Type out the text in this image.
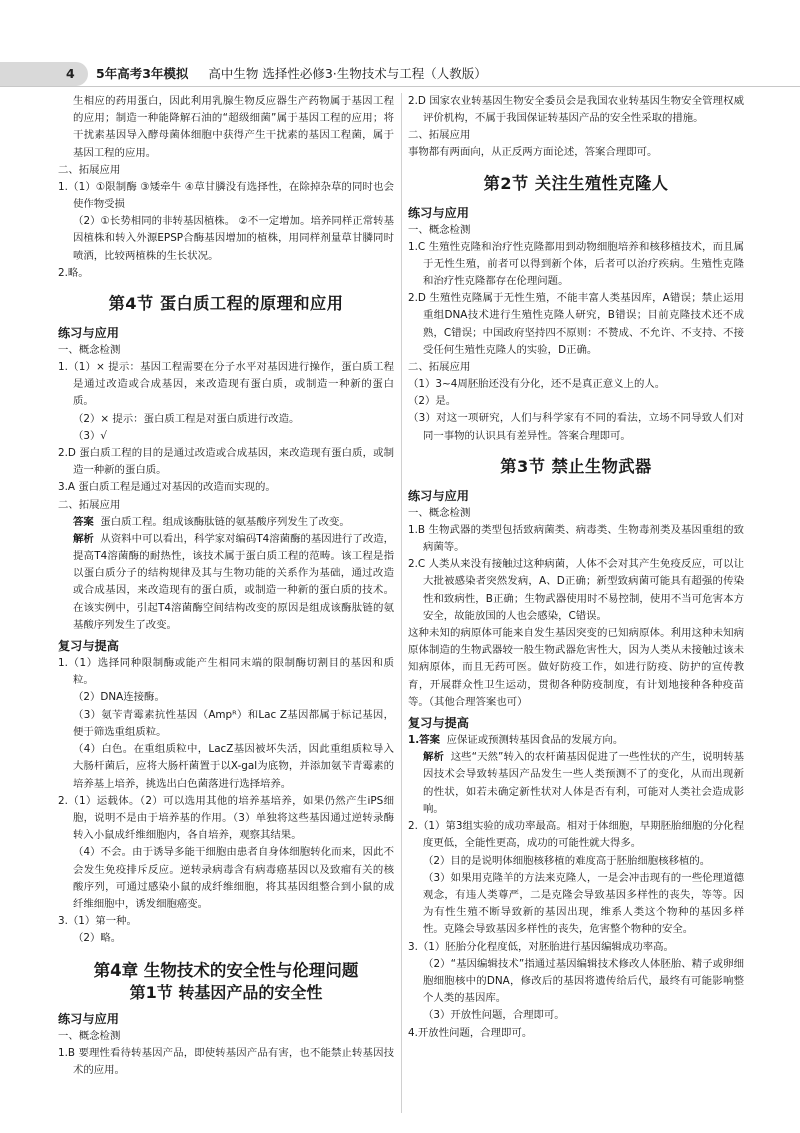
4 5年高考3年模拟 高中生物 选择性必修3·生物技术与工程（人教版）

生相应的药用蛋白，因此利用乳腺生物反应器生产药物属于基因工程的应用；制造一种能降解石油的“超级细菌”属于基因工程的应用；将干扰素基因导入酵母菌体细胞中获得产生干扰素的基因工程菌，属于基因工程的应用。

二、拓展应用

1.（1）①限制酶 ③矮牵牛 ④草甘膦没有选择性，在除掉杂草的同时也会使作物受损

（2）①长势相同的非转基因植株。 ②不一定增加。培养同样正常转基因植株和转入外源EPSP合酶基因增加的植株，用同样剂量草甘膦同时喷洒，比较两植株的生长状况。

2.略。

第4节 蛋白质工程的原理和应用
练习与应用

一、概念检测

1.（1）× 提示：基因工程需要在分子水平对基因进行操作，蛋白质工程是通过改造或合成基因，来改造现有蛋白质，或制造一种新的蛋白质。

（2）× 提示：蛋白质工程是对蛋白质进行改造。

（3）√

2.D 蛋白质工程的目的是通过改造或合成基因，来改造现有蛋白质，或制造一种新的蛋白质。

3.A 蛋白质工程是通过对基因的改造而实现的。

二、拓展应用

答案 蛋白质工程。组成该酶肽链的氨基酸序列发生了改变。

解析 从资料中可以看出，科学家对编码T4溶菌酶的基因进行了改造，提高T4溶菌酶的耐热性，该技术属于蛋白质工程的范畴。该工程是指以蛋白质分子的结构规律及其与生物功能的关系作为基础，通过改造或合成基因，来改造现有的蛋白质，或制造一种新的蛋白质的技术。在该实例中，引起T4溶菌酶空间结构改变的原因是组成该酶肽链的氨基酸序列发生了改变。

复习与提高

1.（1）选择同种限制酶或能产生相同末端的限制酶切割目的基因和质粒。

（2）DNA连接酶。

（3）氨苄青霉素抗性基因（Ampᴿ）和Lac Z基因都属于标记基因，便于筛选重组质粒。

（4）白色。在重组质粒中，LacZ基因被坏失活，因此重组质粒导入大肠杆菌后，应将大肠杆菌置于以X-gal为底物，并添加氨苄青霉素的培养基上培养，挑选出白色菌落进行选择培养。

2.（1）运载体。（2）可以选用其他的培养基培养，如果仍然产生iPS细胞，说明不是由于培养基的作用。（3）单独将这些基因通过逆转录酶转入小鼠成纤维细胞内，各自培养，观察其结果。

（4）不会。由于诱导多能干细胞由患者自身体细胞转化而来，因此不会发生免疫排斥反应。逆转录病毒含有病毒癌基因以及致瘤有关的核酸序列，可通过感染小鼠的成纤维细胞，将其基因组整合到小鼠的成纤维细胞中，诱发细胞癌变。

3.（1）第一种。

（2）略。

第4章 生物技术的安全性与伦理问题
第1节 转基因产品的安全性
练习与应用

一、概念检测

1.B 要理性看待转基因产品，即使转基因产品有害，也不能禁止转基因技术的应用。

2.D 国家农业转基因生物安全委员会是我国农业转基因生物安全管理权威评价机构，不属于我国保证转基因产品的安全性采取的措施。

二、拓展应用

事物都有两面向，从正反两方面论述，答案合理即可。

第2节 关注生殖性克隆人
练习与应用

一、概念检测

1.C 生殖性克隆和治疗性克隆都用到动物细胞培养和核移植技术，而且属于无性生殖，前者可以得到新个体，后者可以治疗疾病。生殖性克隆和治疗性克隆都存在伦理问题。

2.D 生殖性克隆属于无性生殖，不能丰富人类基因库，A错误；禁止运用重组DNA技术进行生殖性克隆人研究，B错误；目前克隆技术还不成熟，C错误；中国政府坚持四不原则：不赞成、不允许、不支持、不接受任何生殖性克隆人的实验，D正确。

二、拓展应用

（1）3~4周胚胎还没有分化，还不是真正意义上的人。

（2）是。

（3）对这一项研究，人们与科学家有不同的看法，立场不同导致人们对同一事物的认识具有差异性。答案合理即可。

第3节 禁止生物武器
练习与应用

一、概念检测

1.B 生物武器的类型包括致病菌类、病毒类、生物毒剂类及基因重组的致病菌等。

2.C 人类从来没有接触过这种病菌，人体不会对其产生免疫反应，可以让大批被感染者突然发病，A、D正确；新型致病菌可能具有超强的传染性和致病性，B正确；生物武器使用时不易控制，使用不当可危害本方安全，故能放国的人也会感染，C错误。

这种未知的病原体可能来自发生基因突变的已知病原体。利用这种未知病原体制造的生物武器较一般生物武器危害性大，因为人类从未接触过该未知病原体，而且无药可医。做好防疫工作，如进行防疫、防护的宣传教育，开展群众性卫生运动，贯彻各种防疫制度，有计划地接种各种疫苗等。（其他合理答案也可）

复习与提高

1.答案 应保证或预测转基因食品的发展方向。

解析 这些“天然”转入的农杆菌基因促进了一些性状的产生，说明转基因技术会导致转基因产品发生一些人类预测不了的变化，从而出现新的性状，如若未确定新性状对人体是否有利，可能对人类社会造成影响。

2.（1）第3组实验的成功率最高。相对于体细胞，早期胚胎细胞的分化程度更低，全能性更高，成功的可能性就大得多。

（2）目的是说明体细胞核移植的难度高于胚胎细胞核移植的。

（3）如果用克隆羊的方法来克隆人，一是会冲击现有的一些伦理道德观念，有违人类尊严，二是克隆会导致基因多样性的丧失，等等。因为有性生殖不断导致新的基因出现，维系人类这个物种的基因多样性。克隆会导致基因多样性的丧失，危害整个物种的安全。

3.（1）胚胎分化程度低，对胚胎进行基因编辑成功率高。

（2）“基因编辑技术”指通过基因编辑技术修改人体胚胎、精子或卵细胞细胞核中的DNA，修改后的基因将遗传给后代，最终有可能影响整个人类的基因库。

（3）开放性问题，合理即可。

4.开放性问题，合理即可。
